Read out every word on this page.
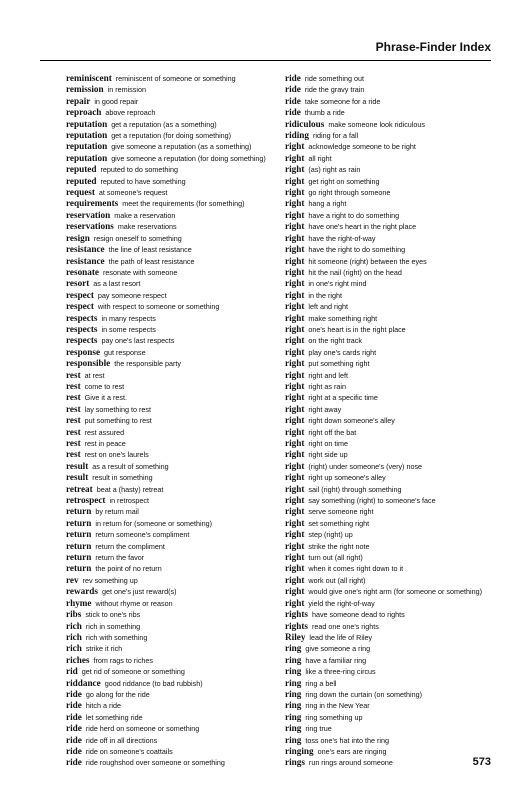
Phrase-Finder Index

reminiscent reminiscent of someone or something

remission in remission

repair in good repair

reproach above reproach

reputation get a reputation (as a something)

reputation get a reputation (for doing something)

reputation give someone a reputation (as a something)

reputation give someone a reputation (for doing something)

reputed reputed to do something

reputed reputed to have something

request at someone's request

requirements meet the requirements (for something)

reservation make a reservation

reservations make reservations

resign resign oneself to something

resistance the line of least resistance

resistance the path of least resistance

resonate resonate with someone

resort as a last resort

respect pay someone respect

respect with respect to someone or something

respects in many respects

respects in some respects

respects pay one's last respects

response gut response

responsible the responsible party

rest at rest

rest come to rest

rest Give it a rest.

rest lay something to rest

rest put something to rest

rest rest assured

rest rest in peace

rest rest on one's laurels

result as a result of something

result result in something

retreat beat a (hasty) retreat

retrospect in retrospect

return by return mail

return in return for (someone or something)

return return someone's compliment

return return the compliment

return return the favor

return the point of no return

rev rev something up

rewards get one's just reward(s)

rhyme without rhyme or reason

ribs stick to one's ribs

rich rich in something

rich rich with something

rich strike it rich

riches from rags to riches

rid get rid of someone or something

riddance good riddance (to bad rubbish)

ride go along for the ride

ride hitch a ride

ride let something ride

ride ride herd on someone or something

ride ride off in all directions

ride ride on someone's coattails

ride ride roughshod over someone or something

ride ride something out

ride ride the gravy train

ride take someone for a ride

ride thumb a ride

ridiculous make someone look ridiculous

riding riding for a fall

right acknowledge someone to be right

right all right

right (as) right as rain

right get right on something

right go right through someone

right hang a right

right have a right to do something

right have one's heart in the right place

right have the right-of-way

right have the right to do something

right hit someone (right) between the eyes

right hit the nail (right) on the head

right in one's right mind

right in the right

right left and right

right make something right

right one's heart is in the right place

right on the right track

right play one's cards right

right put something right

right right and left

right right as rain

right right at a specific time

right right away

right right down someone's alley

right right off the bat

right right on time

right right side up

right (right) under someone's (very) nose

right right up someone's alley

right sail (right) through something

right say something (right) to someone's face

right serve someone right

right set something right

right step (right) up

right strike the right note

right turn out (all right)

right when it comes right down to it

right work out (all right)

right would give one's right arm (for someone or something)

right yield the right-of-way

rights have someone dead to rights

rights read one one's rights

Riley lead the life of Riley

ring give someone a ring

ring have a familiar ring

ring like a three-ring circus

ring ring a bell

ring ring down the curtain (on something)

ring ring in the New Year

ring ring something up

ring ring true

ring toss one's hat into the ring

ringing one's ears are ringing

rings run rings around someone	573
